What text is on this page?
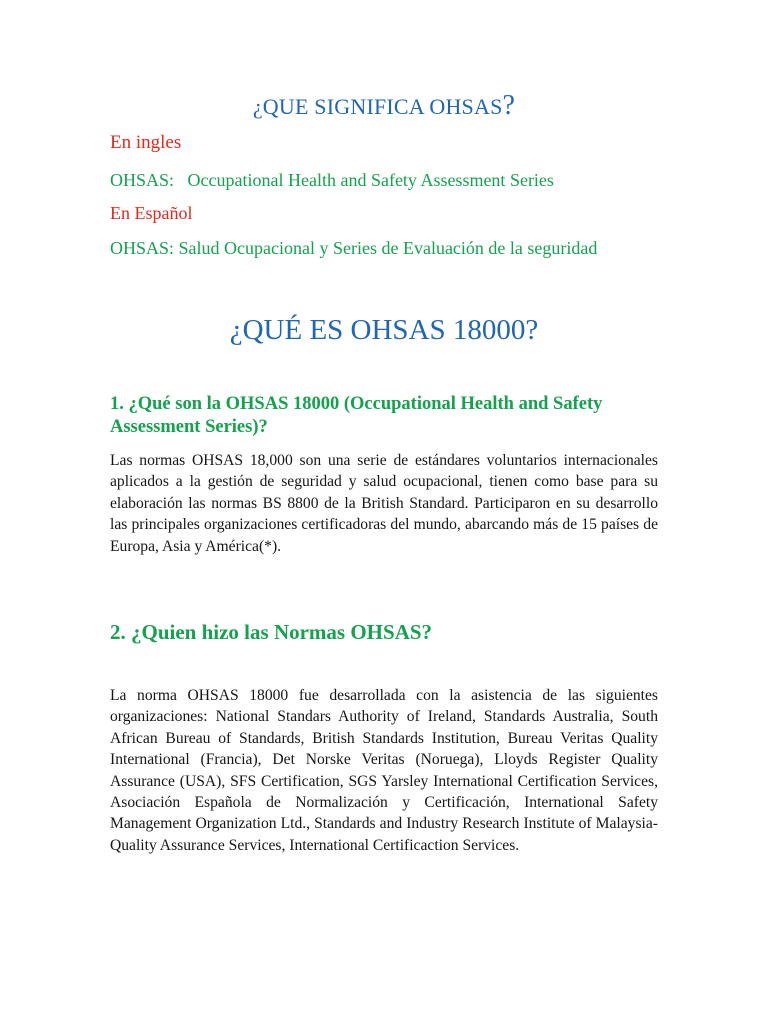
¿QUE SIGNIFICA OHSAS?
En ingles
OHSAS:   Occupational Health and Safety Assessment Series
En Español
OHSAS: Salud Ocupacional y Series de Evaluación de la seguridad
¿QUÉ ES OHSAS 18000?
1. ¿Qué son la OHSAS 18000 (Occupational Health and Safety
Assessment Series)?

Las normas OHSAS 18,000 son una serie de estándares voluntarios internacionales aplicados a la gestión de seguridad y salud ocupacional, tienen como base para su elaboración las normas BS 8800 de la British Standard. Participaron en su desarrollo las principales organizaciones certificadoras del mundo, abarcando más de 15 países de Europa, Asia y América(*).

2. ¿Quien hizo las Normas OHSAS?

La norma OHSAS 18000 fue desarrollada con la asistencia de las siguientes organizaciones: National Standars Authority of Ireland, Standards Australia, South African Bureau of Standards, British Standards Institution, Bureau Veritas Quality International (Francia), Det Norske Veritas (Noruega), Lloyds Register Quality Assurance (USA), SFS Certification, SGS Yarsley International Certification Services, Asociación Española de Normalización y Certificación, International Safety Management Organization Ltd., Standards and Industry Research Institute of Malaysia-Quality Assurance Services, International Certificaction Services.
